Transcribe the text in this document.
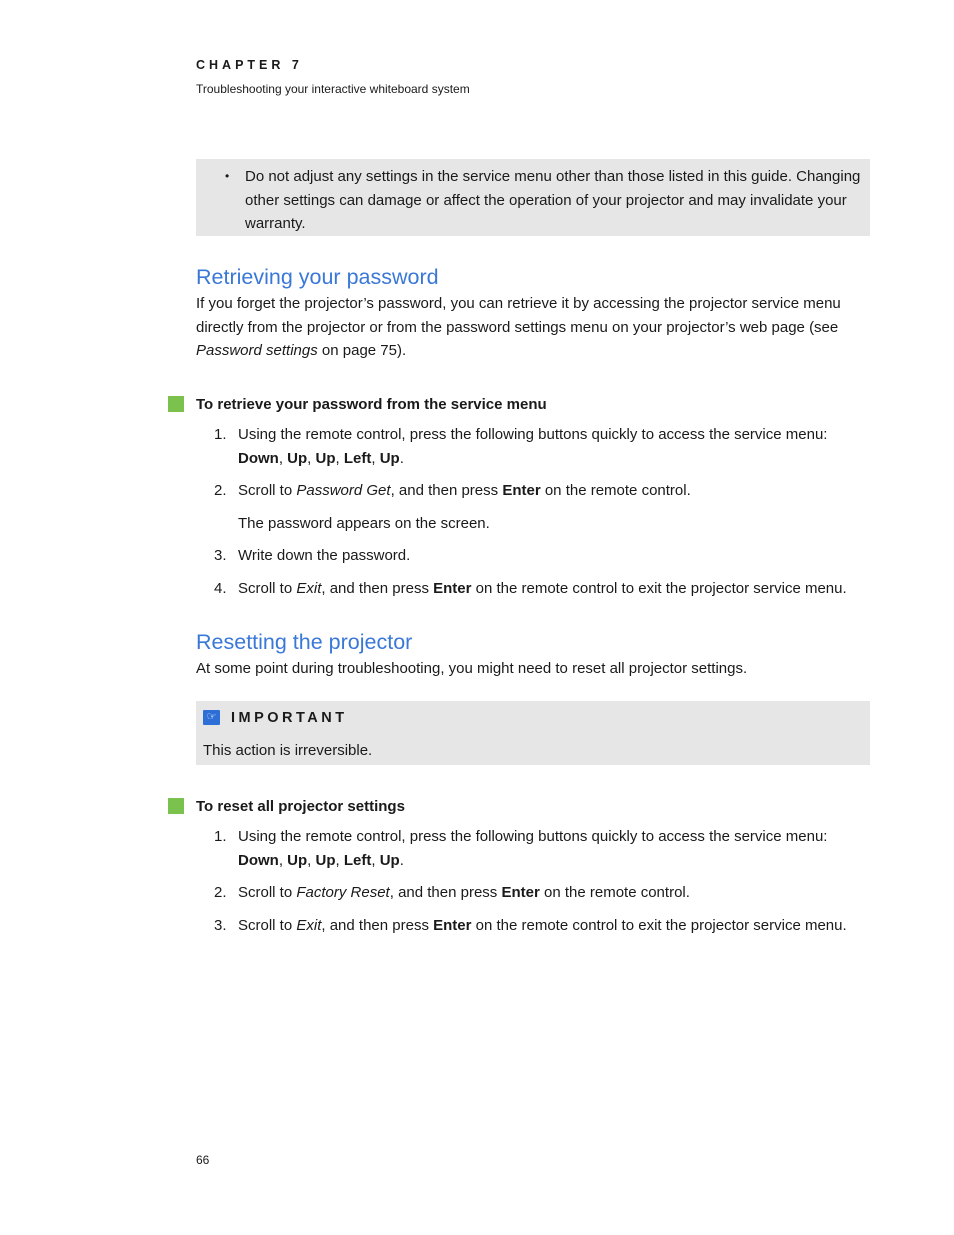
CHAPTER 7
Troubleshooting your interactive whiteboard system
• Do not adjust any settings in the service menu other than those listed in this guide. Changing other settings can damage or affect the operation of your projector and may invalidate your warranty.
Retrieving your password

If you forget the projector’s password, you can retrieve it by accessing the projector service menu directly from the projector or from the password settings menu on your projector’s web page (see Password settings on page 75).

To retrieve your password from the service menu
1. Using the remote control, press the following buttons quickly to access the service menu:
Down, Up, Up, Left, Up.
2. Scroll to Password Get, and then press Enter on the remote control.
The password appears on the screen.
3. Write down the password.
4. Scroll to Exit, and then press Enter on the remote control to exit the projector service menu.
Resetting the projector

At some point during troubleshooting, you might need to reset all projector settings.

☞ IMPORTANT
This action is irreversible.
To reset all projector settings
1. Using the remote control, press the following buttons quickly to access the service menu:
Down, Up, Up, Left, Up.
2. Scroll to Factory Reset, and then press Enter on the remote control.
3. Scroll to Exit, and then press Enter on the remote control to exit the projector service menu.
66
